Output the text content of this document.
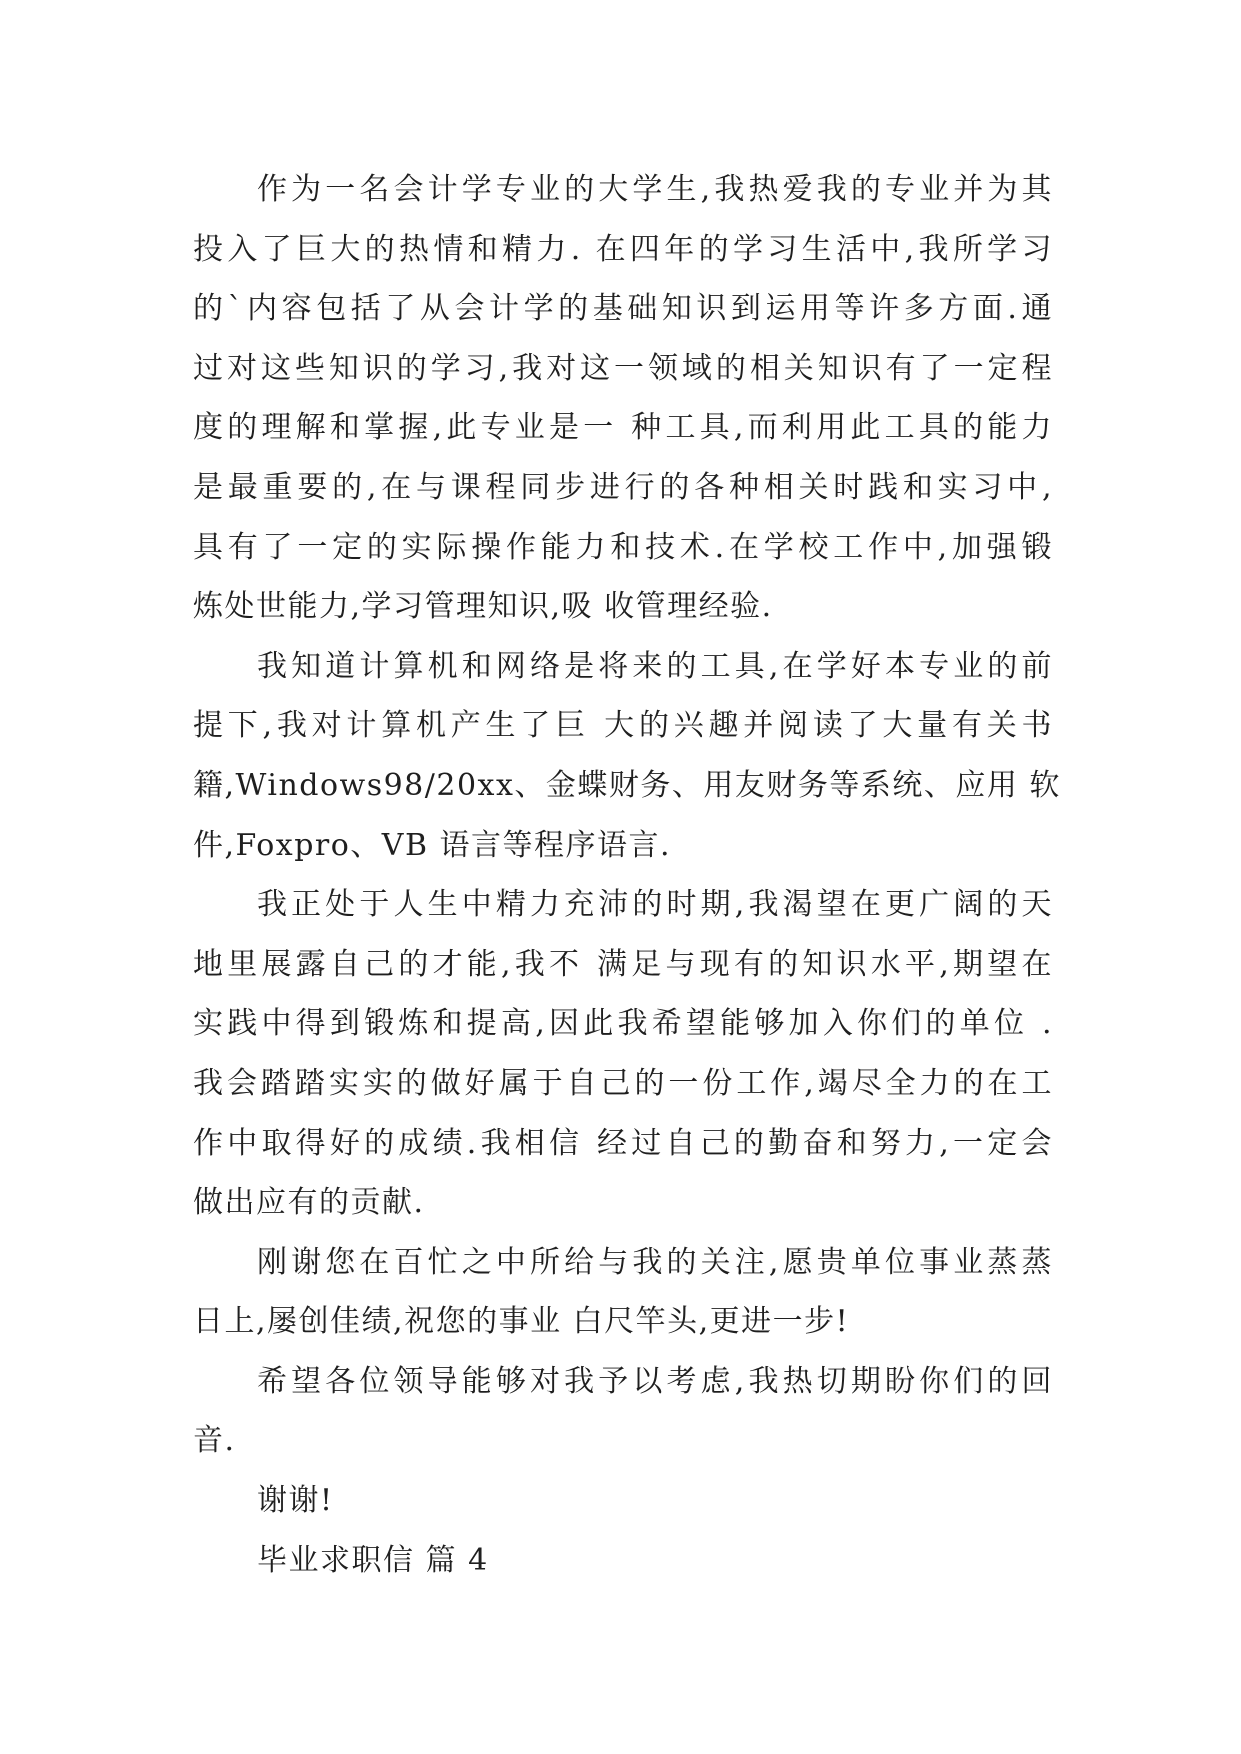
作为一名会计学专业的大学生,我热爱我的专业并为其
投入了巨大的热情和精力. 在四年的学习生活中,我所学习
的`内容包括了从会计学的基础知识到运用等许多方面.通
过对这些知识的学习,我对这一领域的相关知识有了一定程
度的理解和掌握,此专业是一 种工具,而利用此工具的能力
是最重要的,在与课程同步进行的各种相关时践和实习中,
具有了一定的实际操作能力和技术.在学校工作中,加强锻
炼处世能力,学习管理知识,吸 收管理经验.
我知道计算机和网络是将来的工具,在学好本专业的前
提下,我对计算机产生了巨 大的兴趣并阅读了大量有关书
籍,Windows98/20xx、金蝶财务、用友财务等系统、应用 软
件,Foxpro、VB 语言等程序语言.
我正处于人生中精力充沛的时期,我渴望在更广阔的天
地里展露自己的才能,我不 满足与现有的知识水平,期望在
实践中得到锻炼和提高,因此我希望能够加入你们的单位 .
我会踏踏实实的做好属于自己的一份工作,竭尽全力的在工
作中取得好的成绩.我相信 经过自己的勤奋和努力,一定会
做出应有的贡献.
刚谢您在百忙之中所给与我的关注,愿贵单位事业蒸蒸
日上,屡创佳绩,祝您的事业 白尺竿头,更进一步!
希望各位领导能够对我予以考虑,我热切期盼你们的回
音.
谢谢!
毕业求职信 篇 4
